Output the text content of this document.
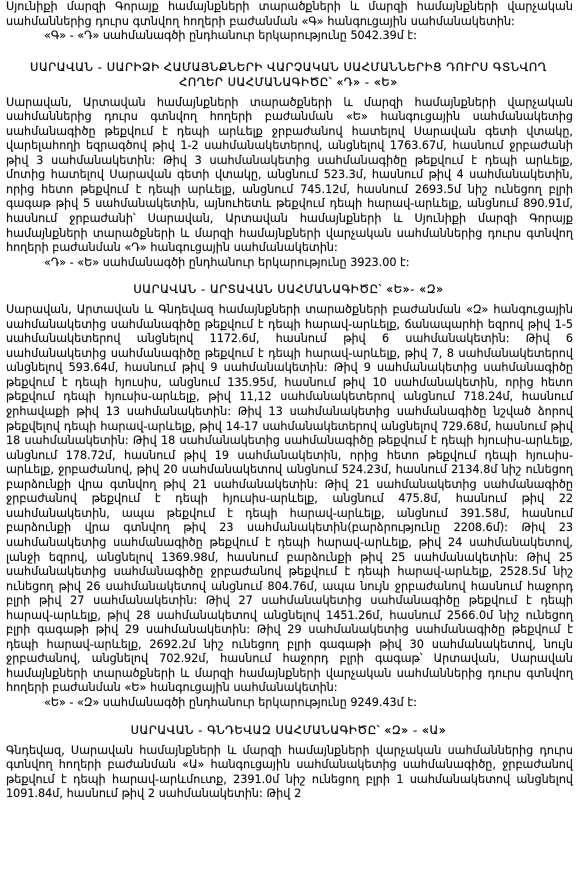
Սյունիքի մարզի Գորայք համայնքների տարածքների և մարզի համայնքների վարչական սահմաններից դուրս գտնվող հողերի բաժանման «Գ» հանգուցային սահմանակետին:

«Գ» - «Դ» սահմանագծի ընդհանուր երկարությունը 5042.39մ է:

ՍԱՐԱՎԱՆ - ՍԱՐԻՁԻ ՀԱՄԱՅՆՔՆԵՐԻ ՎԱՐՉԱԿԱՆ ՍԱՀՄԱՆՆԵՐԻՑ ԴՈՒՐՍ ԳՏՆՎՈՂ ՀՈՂԵՐ ՍԱՀՄԱՆԱԳԻԾԸ՝ «Դ» - «Ե»

Սարավան, Արտավան համայնքների տարածքների և մարզի համայնքների վարչական սահմաններից դուրս գտնվող հողերի բաժանման «Ե» հանգուցային սահմանակետից սահմանագիծը թեքվում է դեպի արևելք ջրբաժանով հատելով Սարավան գետի վտակը, վարելահողի եզրագծով թիվ 1-2 սահմանակետերով, անցնելով 1763.67մ, հասնում ջրբաժանի թիվ 3 սահմանակետին: Թիվ 3 սահմանակետից սահմանագիծը թեքվում է դեպի արևելք, մոտից հատելով Սարավան գետի վտակը, անցնում 523.3մ, հասնում թիվ 4 սահմանակետին, որից հետո թեքվում է դեպի արևելք, անցնում 745.12մ, հասնում 2693.5մ նիշ ունեցող բլրի գագաթ թիվ 5 սահմանակետին, այնուհետև թեքվում դեպի հարավ-արևելք, անցնում 890.91մ, հասնում ջրբաժանի՝ Սարավան, Արտավան համայնքների և Սյունիքի մարզի Գորայք համայնքների տարածքների և մարզի համայնքների վարչական սահմաններից դուրս գտնվող հողերի բաժանման «Դ» հանգուցային սահմանակետին:

«Դ» - «Ե» սահմանագծի ընդհանուր երկարությունը 3923.00 է:

ՍԱՐԱՎԱՆ - ԱՐՏԱՎԱՆ ՍԱՀՄԱՆԱԳԻԾԸ՝ «Ե»- «Զ»

Սարավան, Արտավան և Գնդեվազ համայնքների տարածքների բաժանման «Զ» հանգուցային սահմանակետից սահմանագիծը թեքվում է դեպի հարավ-արևելք, ճանապարհի եզրով թիվ 1-5 սահմանակետերով անցնելով 1172.6մ, հասնում թիվ 6 սահմանակետին: Թիվ 6 սահմանակետից սահմանագիծը թեքվում է դեպի հարավ-արևելք, թիվ 7, 8 սահմանակետերով անցնելով 593.64մ, հասնում թիվ 9 սահմանակետին: Թիվ 9 սահմանակետից սահմանագիծը թեքվում է դեպի հյուսիս, անցնում 135.95մ, հասնում թիվ 10 սահմանակետին, որից հետո թեքվում դեպի հյուսիս-արևելք, թիվ 11,12 սահմանակետերով անցնում 718.24մ, հասնում ջրհավաքի թիվ 13 սահմանակետին: Թիվ 13 սահմանակետից սահմանագիծը նշված ձորով թեքվելով դեպի հարավ-արևելք, թիվ 14-17 սահմանակետերով անցնելով 729.68մ, հասնում թիվ 18 սահմանակետին: Թիվ 18 սահմանակետից սահմանագիծը թեքվում է դեպի հյուսիս-արևելք, անցնում 178.72մ, հասնում թիվ 19 սահմանակետին, որից հետո թեքվում դեպի հյուսիս-արևելք, ջրբաժանով, թիվ 20 սահմանակետով անցնում 524.23մ, հասնում 2134.8մ նիշ ունեցող բարձունքի վրա գտնվող թիվ 21 սահմանակետին: Թիվ 21 սահմանակետից սահմանագիծը ջրբաժանով թեքվում է դեպի հյուսիս-արևելք, անցնում 475.8մ, հասնում թիվ 22 սահմանակետին, ապա թեքվում է դեպի հարավ-արևելք, անցնում 391.58մ, հասնում բարձունքի վրա գտնվող թիվ 23 սահմանակետին(բարձրությունը 2208.6մ): Թիվ 23 սահմանակետից սահմանագիծը թեքվում է դեպի հարավ-արևելք, թիվ 24 սահմանակետով, լանջի եզրով, անցնելով 1369.98մ, հասնում բարձունքի թիվ 25 սահմանակետին: Թիվ 25 սահմանակետից սահմանագիծը ջրբաժանով թեքվում է դեպի հարավ-արևելք, 2528.5մ նիշ ունեցող թիվ 26 սահմանակետով անցնում 804.76մ, ապա նույն ջրբաժանով հասնում հաջորդ բլրի թիվ 27 սահմանակետին: Թիվ 27 սահմանակետից սահմանագիծը թեքվում է դեպի հարավ-արևելք, թիվ 28 սահմանակետով անցնելով 1451.26մ, հասնում 2566.0մ նիշ ունեցող բլրի գագաթի թիվ 29 սահմանակետին: Թիվ 29 սահմանակետից սահմանագիծը թեքվում է դեպի հարավ-արևելք, 2692.2մ նիշ ունեցող բլրի գագաթի թիվ 30 սահմանակետով, նույն ջրբաժանով, անցնելով 702.92մ, հասնում հաջորդ բլրի գագաթ՝ Արտավան, Սարավան համայնքների տարածքների և մարզի համայնքների վարչական սահմաններից դուրս գտնվող հողերի բաժանման «Ե» հանգուցային սահմանակետին:

«Ե» - «Զ» սահմանագծի ընդհանուր երկարությունը 9249.43մ է:

ՍԱՐԱՎԱՆ - ԳՆԴԵՎԱԶ ՍԱՀՄԱՆԱԳԻԾԸ՝ «Զ» - «Ա»

Գնդեվազ, Սարավան համայնքների և մարզի համայնքների վարչական սահմաններից դուրս գտնվող հողերի բաժանման «Ա» հանգուցային սահմանակետից սահմանագիծը, ջրբաժանով թեքվում է դեպի հարավ-արևմուտք, 2391.0մ նիշ ունեցող բլրի 1 սահմանակետով անցնելով 1091.84մ, հասնում թիվ 2 սահմանակետին: Թիվ 2
